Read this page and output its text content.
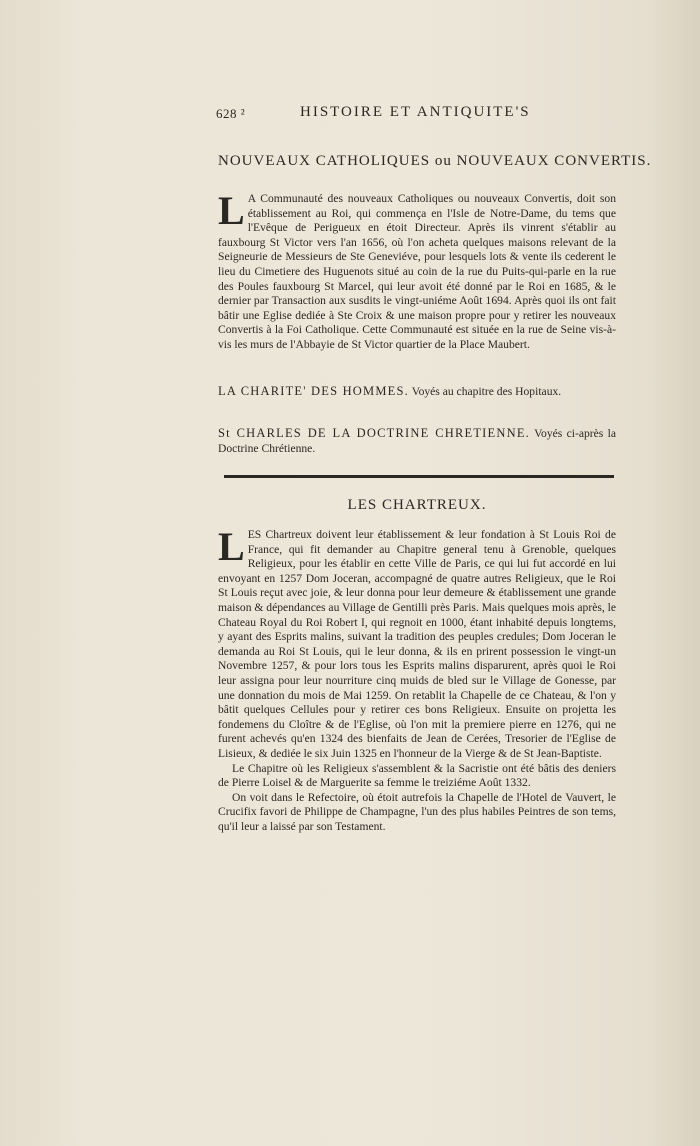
628 ²	HISTOIRE ET ANTIQUITE'S
NOUVEAUX CATHOLIQUES ou NOUVEAUX CONVERTIS.

L A Communauté des nouveaux Catholiques ou nouveaux Convertis, doit son établissement au Roi, qui commença en l'Isle de Notre-Dame, du tems que l'Evêque de Perigueux en étoit Directeur. Après ils vinrent s'établir au fauxbourg St Victor vers l'an 1656, où l'on acheta quelques maisons relevant de la Seigneurie de Messieurs de Ste Geneviéve, pour lesquels lots & vente ils cederent le lieu du Cimetiere des Huguenots situé au coin de la rue du Puits-qui-parle en la rue des Poules fauxbourg St Marcel, qui leur avoit été donné par le Roi en 1685, & le dernier par Transaction aux susdits le vingt-uniéme Août 1694. Après quoi ils ont fait bâtir une Eglise dediée à Ste Croix & une maison propre pour y retirer les nouveaux Convertis à la Foi Catholique. Cette Communauté est située en la rue de Seine vis-à-vis les murs de l'Abbayie de St Victor quartier de la Place Maubert.

LA CHARITE' DES HOMMES. Voyés au chapitre des Hopitaux.

St CHARLES DE LA DOCTRINE CHRETIENNE. Voyés ci-après la Doctrine Chrétienne.

LES CHARTREUX.

L ES Chartreux doivent leur établissement & leur fondation à St Louis Roi de France, qui fit demander au Chapitre general tenu à Grenoble, quelques Religieux, pour les établir en cette Ville de Paris, ce qui lui fut accordé en lui envoyant en 1257 Dom Joceran, accompagné de quatre autres Religieux, que le Roi St Louis reçut avec joie, & leur donna pour leur demeure & établissement une grande maison & dépendances au Village de Gentilli près Paris. Mais quelques mois après, le Chateau Royal du Roi Robert I, qui regnoit en 1000, étant inhabité depuis longtems, y ayant des Esprits malins, suivant la tradition des peuples credules; Dom Joceran le demanda au Roi St Louis, qui le leur donna, & ils en prirent possession le vingt-un Novembre 1257, & pour lors tous les Esprits malins disparurent, après quoi le Roi leur assigna pour leur nourriture cinq muids de bled sur le Village de Gonesse, par une donnation du mois de Mai 1259. On retablit la Chapelle de ce Chateau, & l'on y bâtit quelques Cellules pour y retirer ces bons Religieux. Ensuite on projetta les fondemens du Cloître & de l'Eglise, où l'on mit la premiere pierre en 1276, qui ne furent achevés qu'en 1324 des bienfaits de Jean de Cerées, Tresorier de l'Eglise de Lisieux, & dediée le six Juin 1325 en l'honneur de la Vierge & de St Jean-Baptiste.

Le Chapitre où les Religieux s'assemblent & la Sacristie ont été bâtis des deniers de Pierre Loisel & de Marguerite sa femme le treiziéme Août 1332.

On voit dans le Refectoire, où étoit autrefois la Chapelle de l'Hotel de Vauvert, le Crucifix favori de Philippe de Champagne, l'un des plus habiles Peintres de son tems, qu'il leur a laissé par son Testament.
